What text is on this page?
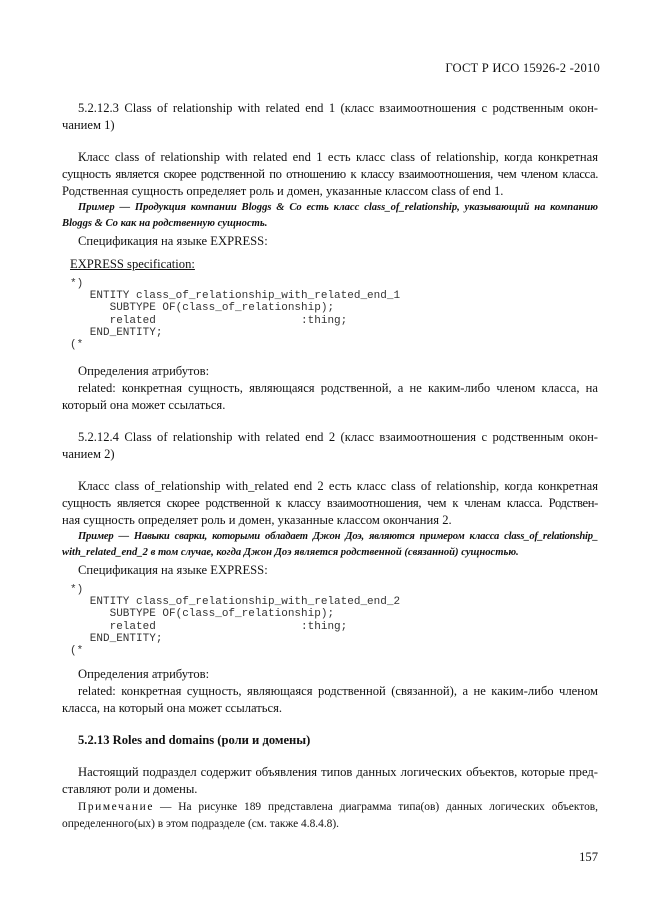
ГОСТ Р ИСО 15926-2 -2010
5.2.12.3 Class of relationship with related end 1 (класс взаимоотношения с родственным окон-
чанием 1)
Класс class of relationship with related end 1 есть класс class of relationship, когда конкретная
сущность является скорее родственной по отношению к классу взаимоотношения, чем членом класса.
Родственная сущность определяет роль и домен, указанные классом class of end 1.
Пример — Продукция компании Bloggs & Co есть класс class_of_relationship, указывающий на компанию
Bloggs & Co как на родственную сущность.
Спецификация на языке EXPRESS:
EXPRESS specification:
*)
ENTITY class_of_relationship_with_related_end_1
SUBTYPE OF(class_of_relationship);
related                      :thing;
END_ENTITY;
(*
Определения атрибутов:
related: конкретная сущность, являющаяся родственной, а не каким-либо членом класса, на
который она может ссылаться.
5.2.12.4 Class of relationship with related end 2 (класс взаимоотношения с родственным окон-
чанием 2)
Класс class of_relationship with_related end 2 есть класс class of relationship, когда конкретная
сущность является скорее родственной к классу взаимоотношения, чем к членам класса. Родствен-
ная сущность определяет роль и домен, указанные классом окончания 2.
Пример — Навыки сварки, которыми обладает Джон Доэ, являются примером класса class_of_relationship_
with_related_end_2 в том случае, когда Джон Доэ является родственной (связанной) сущностью.
Спецификация на языке EXPRESS:
*)
ENTITY class_of_relationship_with_related_end_2
SUBTYPE OF(class_of_relationship);
related                      :thing;
END_ENTITY;
(*
Определения атрибутов:
related: конкретная сущность, являющаяся родственной (связанной), а не каким-либо членом
класса, на который она может ссылаться.
5.2.13 Roles and domains (роли и домены)
Настоящий подраздел содержит объявления типов данных логических объектов, которые пред-
ставляют роли и домены.
Примечание — На рисунке 189 представлена диаграмма типа(ов) данных логических объектов,
определенного(ых) в этом подразделе (см. также 4.8.4.8).
157
